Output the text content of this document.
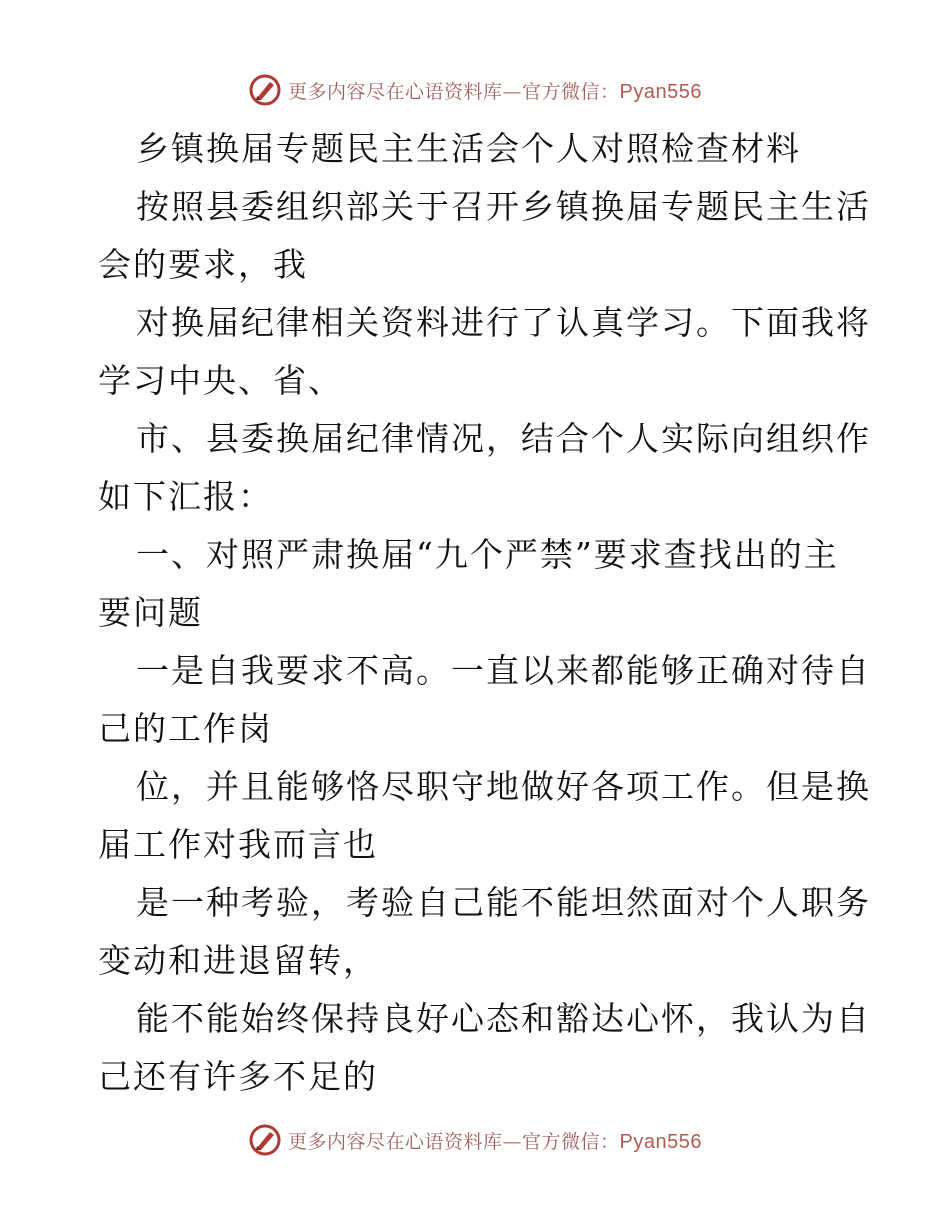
更多内容尽在心语资料库—官方微信：Pyan556
乡镇换届专题民主生活会个人对照检查材料
按照县委组织部关于召开乡镇换届专题民主生活
会的要求，我
对换届纪律相关资料进行了认真学习。下面我将
学习中央、省、
市、县委换届纪律情况，结合个人实际向组织作
如下汇报：
一、对照严肃换届“九个严禁”要求查找出的主
要问题
一是自我要求不高。一直以来都能够正确对待自
己的工作岗
位，并且能够恪尽职守地做好各项工作。但是换
届工作对我而言也
是一种考验，考验自己能不能坦然面对个人职务
变动和进退留转，
能不能始终保持良好心态和豁达心怀，我认为自
己还有许多不足的
更多内容尽在心语资料库—官方微信：Pyan556
